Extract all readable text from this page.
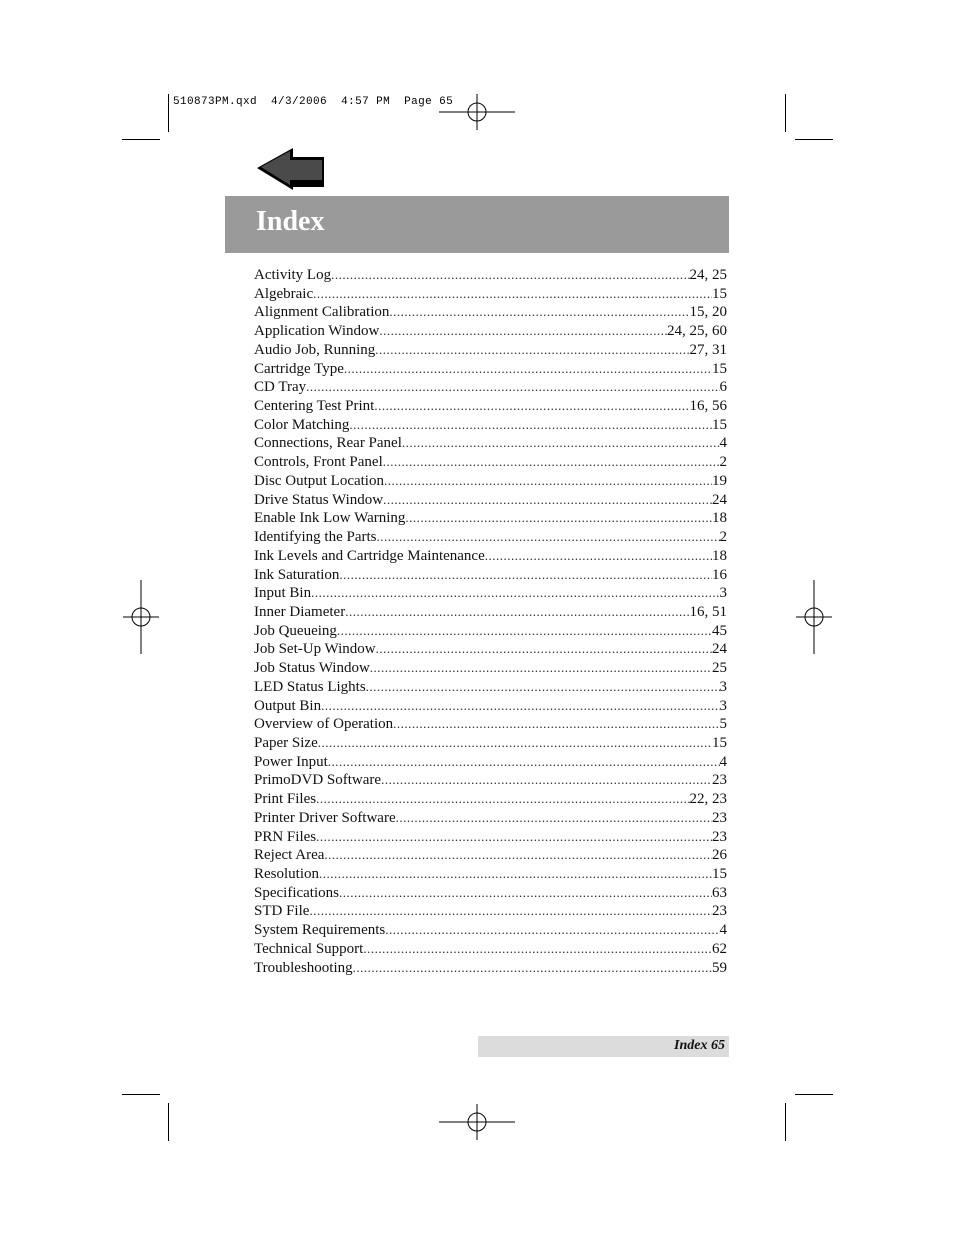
510873PM.qxd 4/3/2006 4:57 PM Page 65
Index
Activity Log .....	24, 25
Algebraic .....	15
Alignment Calibration .....	15, 20
Application Window .....	24, 25, 60
Audio Job, Running .....	27, 31
Cartridge Type .....	15
CD Tray .....	6
Centering Test Print .....	16, 56
Color Matching .....	15
Connections, Rear Panel .....	4
Controls, Front Panel .....	2
Disc Output Location .....	19
Drive Status Window .....	24
Enable Ink Low Warning .....	18
Identifying the Parts .....	2
Ink Levels and Cartridge Maintenance .....	18
Ink Saturation .....	16
Input Bin .....	3
Inner Diameter .....	16, 51
Job Queueing .....	45
Job Set-Up Window .....	24
Job Status Window .....	25
LED Status Lights .....	3
Output Bin .....	3
Overview of Operation .....	5
Paper Size .....	15
Power Input .....	4
PrimoDVD Software .....	23
Print Files .....	22, 23
Printer Driver Software .....	23
PRN Files .....	23
Reject Area .....	26
Resolution .....	15
Specifications .....	63
STD File .....	23
System Requirements .....	4
Technical Support .....	62
Troubleshooting .....	59
Index 65
